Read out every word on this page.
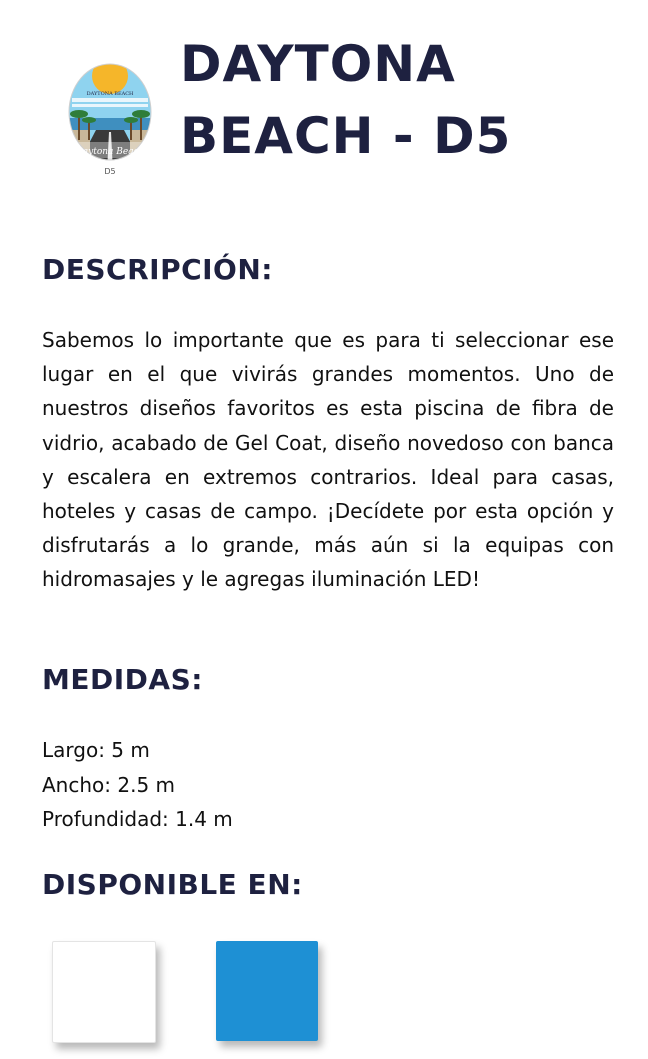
DAYTONA BEACH
Daytona Beach
D5
DAYTONA BEACH - D5
DESCRIPCIÓN:

Sabemos lo importante que es para ti seleccionar ese lugar en el que vivirás grandes momentos. Uno de nuestros diseños favoritos es esta piscina de fibra de vidrio, acabado de Gel Coat, diseño novedoso con banca y escalera en extremos contrarios. Ideal para casas, hoteles y casas de campo. ¡Decídete por esta opción y disfrutarás a lo grande, más aún si la equipas con hidromasajes y le agregas iluminación LED!

MEDIDAS:
Largo: 5 m
Ancho: 2.5 m
Profundidad: 1.4 m
DISPONIBLE EN:
